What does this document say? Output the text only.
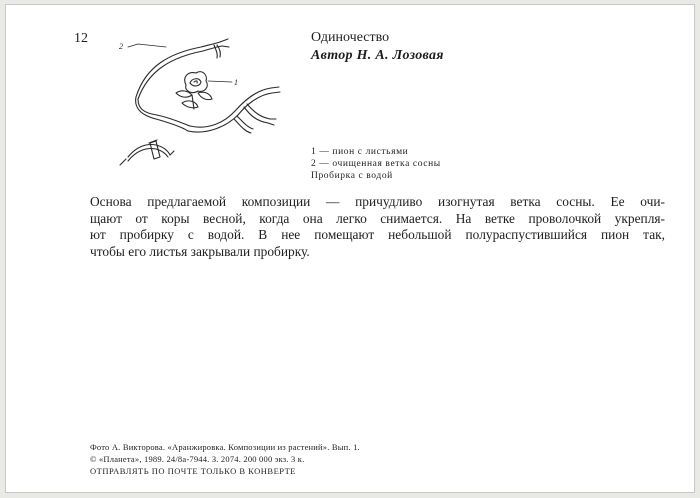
12
1
2
Одиночество
Автор Н. А. Лозовая
1 — пион с листьями
2 — очищенная ветка сосны
Пробирка с водой
Основа предлагаемой композиции — причудливо изогнутая ветка сосны. Ее очи-
щают от коры весной, когда она легко снимается. На ветке проволочкой укрепля-
ют пробирку с водой. В нее помещают небольшой полураспустившийся пион так,
чтобы его листья закрывали пробирку.
Фото А. Викторова. «Аранжировка. Композиции из растений». Вып. 1.
© «Планета», 1989. 24/8а-7944. З. 2074. 200 000 экз. 3 к.
ОТПРАВЛЯТЬ ПО ПОЧТЕ ТОЛЬКО В КОНВЕРТЕ
